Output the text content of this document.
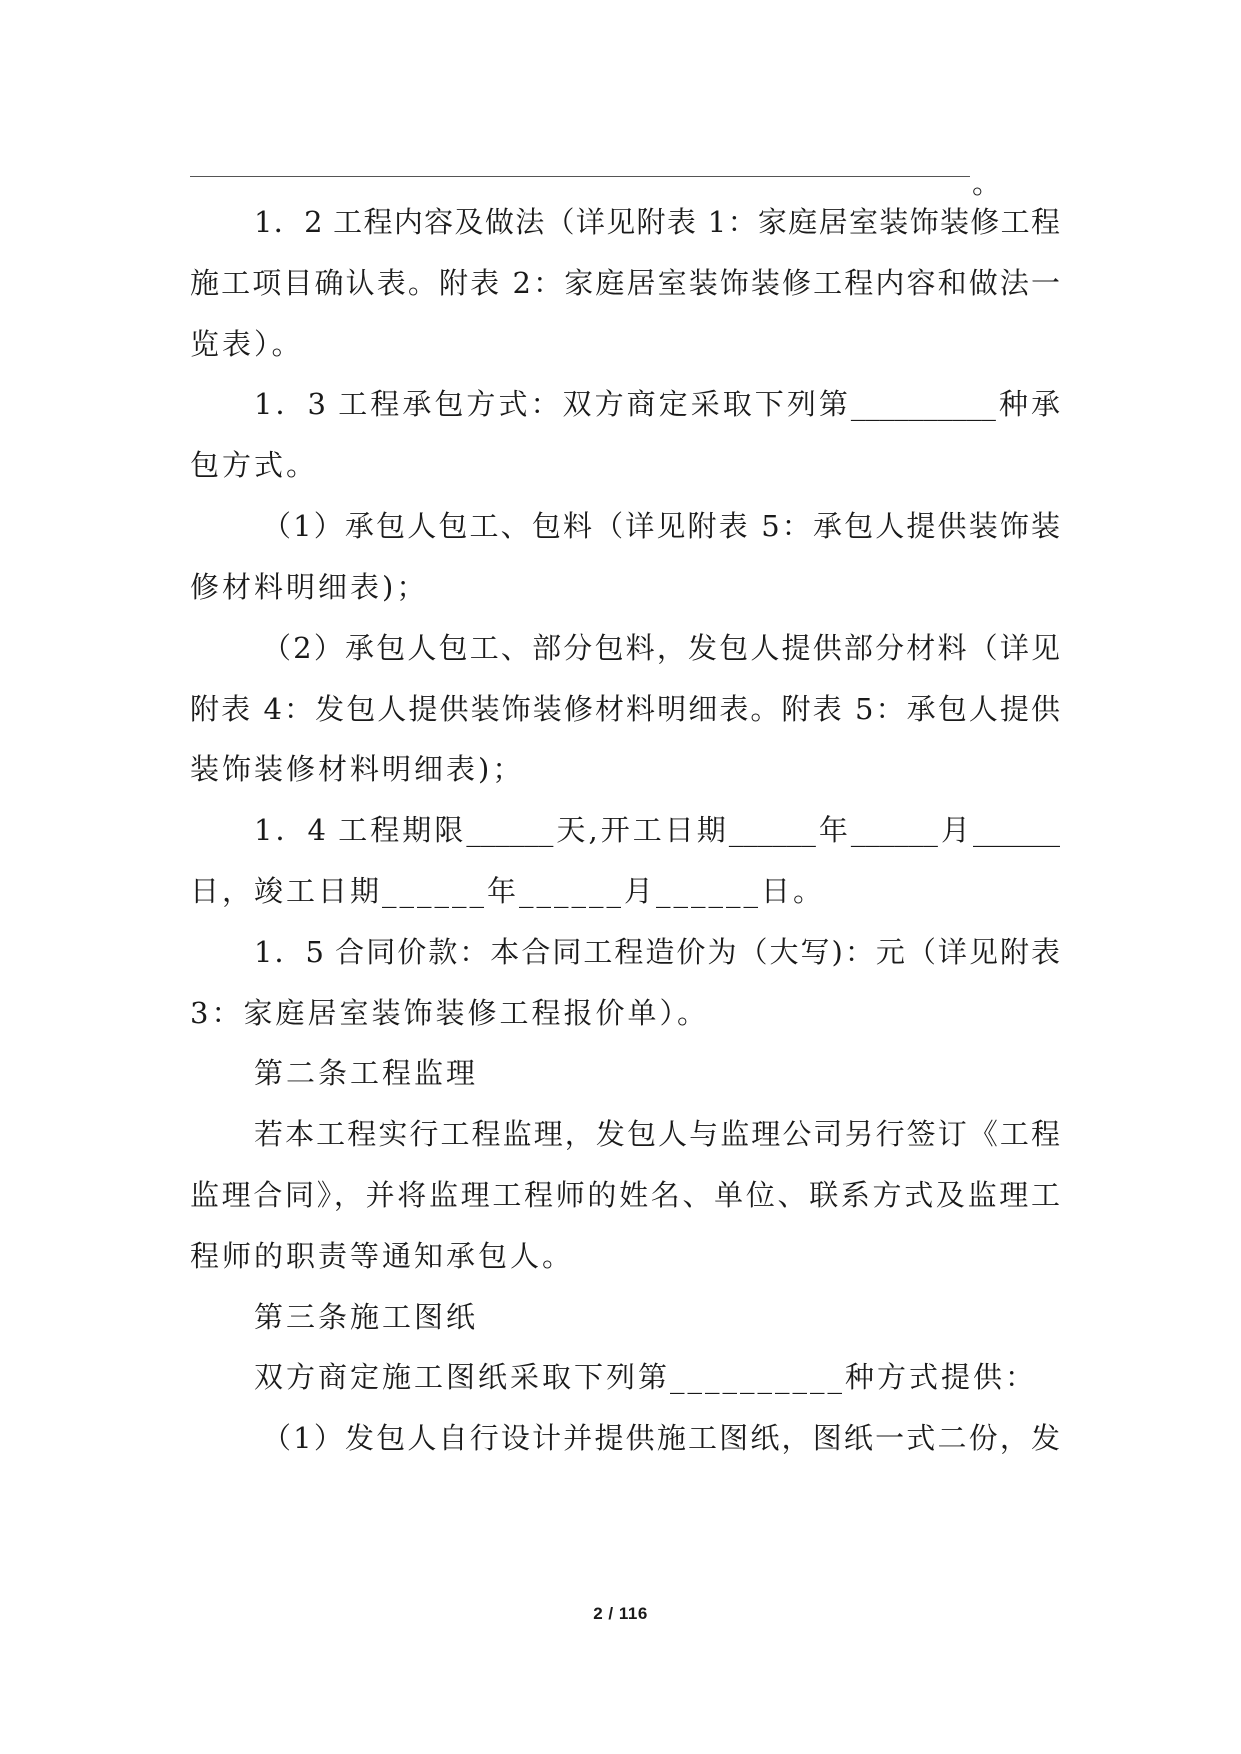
。
1．2 工程内容及做法（详见附表 1：家庭居室装饰装修工程
施工项目确认表。附表 2：家庭居室装饰装修工程内容和做法一
览表）。
1．3 工程承包方式：双方商定采取下列第__________种承
包方式。
（1）承包人包工、包料（详见附表 5：承包人提供装饰装
修材料明细表)；
（2）承包人包工、部分包料，发包人提供部分材料（详见
附表 4：发包人提供装饰装修材料明细表。附表 5：承包人提供
装饰装修材料明细表)；
1．4 工程期限______天,开工日期______年______月______
日，竣工日期______年______月______日。
1．5 合同价款：本合同工程造价为（大写)：元（详见附表
3：家庭居室装饰装修工程报价单）。
第二条工程监理
若本工程实行工程监理，发包人与监理公司另行签订《工程
监理合同》，并将监理工程师的姓名、单位、联系方式及监理工
程师的职责等通知承包人。
第三条施工图纸
双方商定施工图纸采取下列第__________种方式提供：
（1）发包人自行设计并提供施工图纸，图纸一式二份，发
2 / 116
